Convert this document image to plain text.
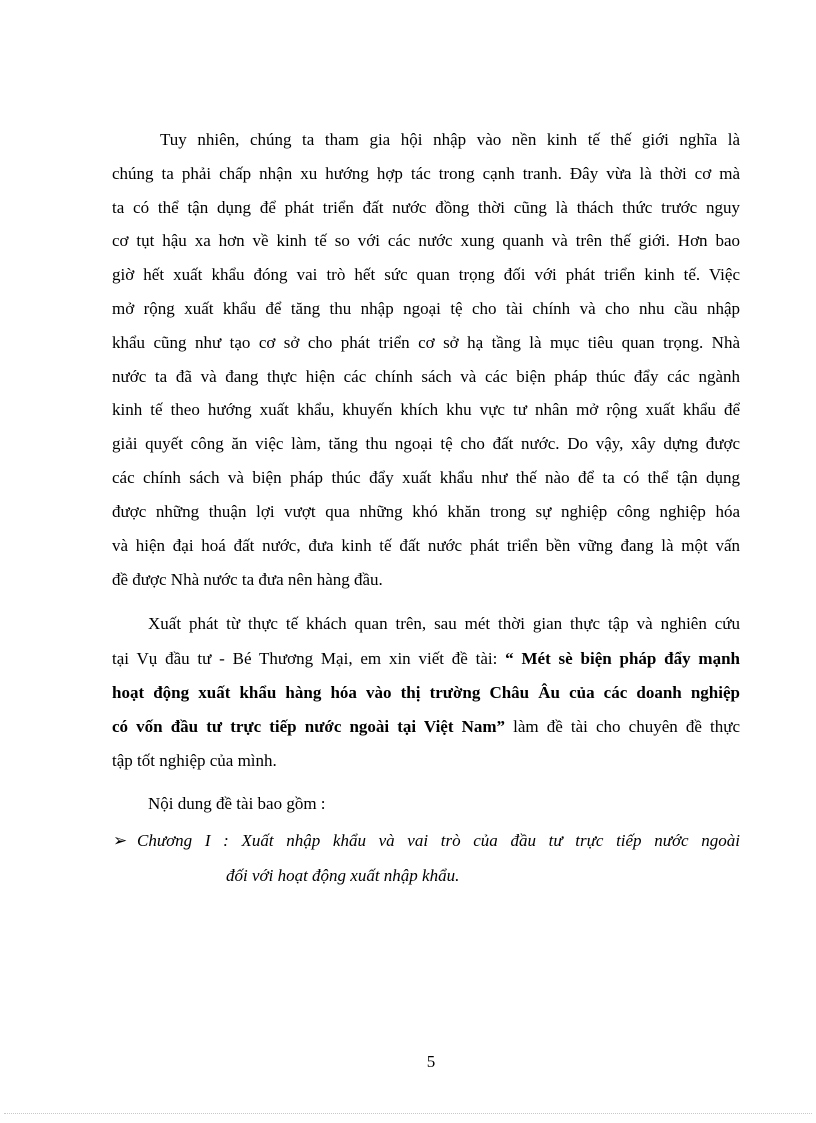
Tuy nhiên, chúng ta tham gia hội nhập vào nền kinh tế thế giới nghĩa là
chúng ta phải chấp nhận xu hướng hợp tác trong cạnh tranh. Đây vừa là thời cơ mà
ta có thể tận dụng để phát triển đất nước đồng thời cũng là thách thức trước nguy
cơ tụt hậu xa hơn về kinh tế so với các nước xung quanh và trên thế giới. Hơn bao
giờ hết xuất khẩu đóng vai trò hết sức quan trọng đối với phát triển kinh tế. Việc
mở rộng xuất khẩu để tăng thu nhập ngoại tệ cho tài chính và cho nhu cầu nhập
khẩu cũng như tạo cơ sở cho phát triển cơ sở hạ tầng là mục tiêu quan trọng. Nhà
nước ta đã và đang thực hiện các chính sách và các biện pháp thúc đẩy các ngành
kinh tế theo hướng xuất khẩu, khuyến khích khu vực tư nhân mở rộng xuất khẩu để
giải quyết công ăn việc làm, tăng thu ngoại tệ cho đất nước. Do vậy, xây dựng được
các chính sách và biện pháp thúc đẩy xuất khẩu như thế nào để ta có thể tận dụng
được những thuận lợi vượt qua những khó khăn trong sự nghiệp công nghiệp hóa
và hiện đại hoá đất nước, đưa kinh tế đất nước phát triển bền vững đang là một vấn
đề được Nhà nước ta đưa nên hàng đầu.
Xuất phát từ thực tế khách quan trên, sau mét thời gian thực tập và nghiên cứu
tại Vụ đầu tư - Bé Thương Mại, em xin viết đề tài: “ Mét sè biện pháp đẩy mạnh
hoạt động xuất khẩu hàng hóa vào thị trường Châu Âu của các doanh nghiệp
có vốn đầu tư trực tiếp nước ngoài tại Việt Nam” làm đề tài cho chuyên đề thực
tập tốt nghiệp của mình.
Nội dung đề tài bao gồm :
➢ Chương I : Xuất nhập khẩu và vai trò của đầu tư trực tiếp nước ngoài
đối với hoạt động xuất nhập khẩu.
5
